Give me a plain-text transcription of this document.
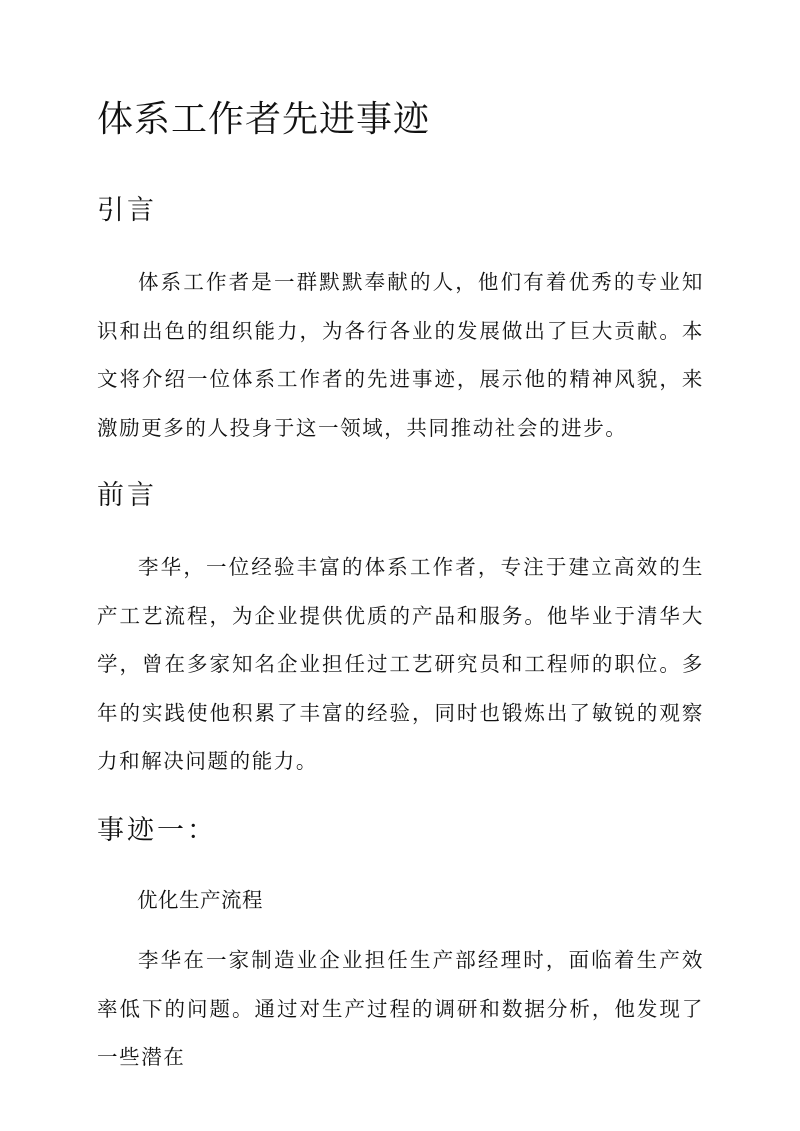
体系工作者先进事迹
引言

体系工作者是一群默默奉献的人，他们有着优秀的专业知识和出色的组织能力，为各行各业的发展做出了巨大贡献。本文将介绍一位体系工作者的先进事迹，展示他的精神风貌，来激励更多的人投身于这一领域，共同推动社会的进步。

前言

李华，一位经验丰富的体系工作者，专注于建立高效的生产工艺流程，为企业提供优质的产品和服务。他毕业于清华大学，曾在多家知名企业担任过工艺研究员和工程师的职位。多年的实践使他积累了丰富的经验，同时也锻炼出了敏锐的观察力和解决问题的能力。

事迹一：

优化生产流程

李华在一家制造业企业担任生产部经理时，面临着生产效率低下的问题。通过对生产过程的调研和数据分析，他发现了一些潜在
